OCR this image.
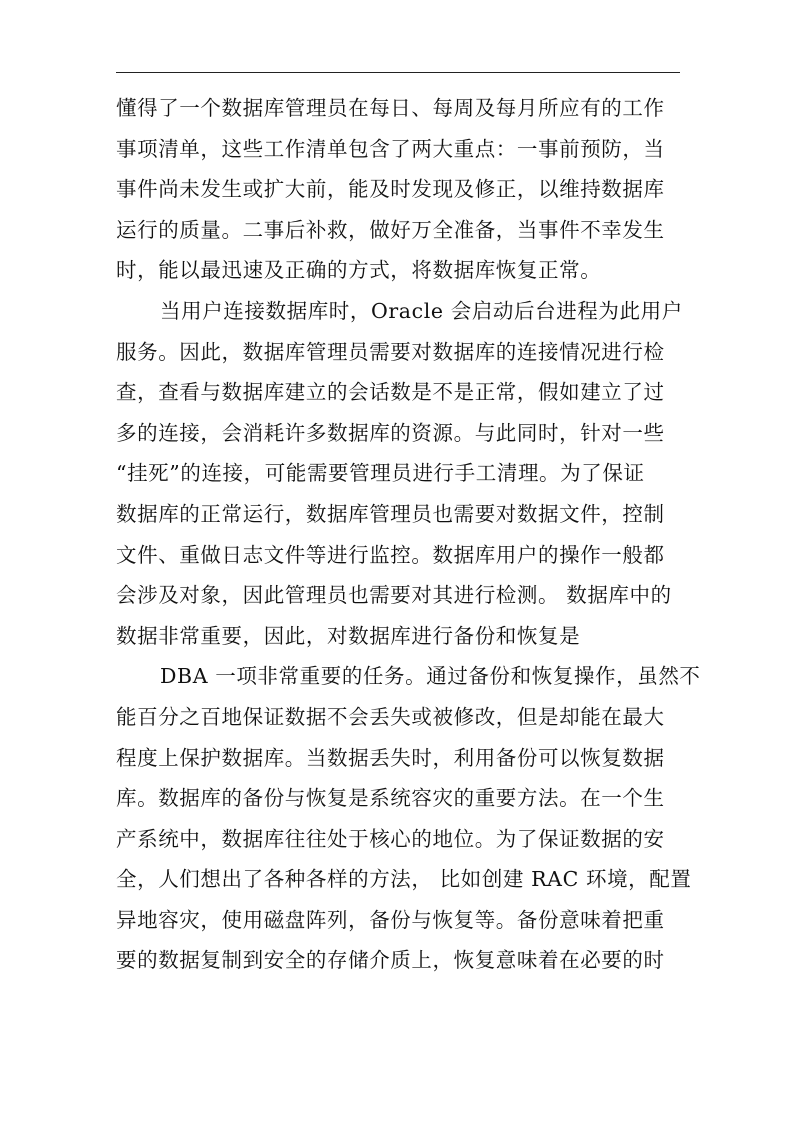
懂得了一个数据库管理员在每日、每周及每月所应有的工作
事项清单，这些工作清单包含了两大重点：一事前预防，当
事件尚未发生或扩大前，能及时发现及修正，以维持数据库
运行的质量。二事后补救，做好万全准备，当事件不幸发生
时，能以最迅速及正确的方式，将数据库恢复正常。
当用户连接数据库时，Oracle 会启动后台进程为此用户
服务。因此，数据库管理员需要对数据库的连接情况进行检
查，查看与数据库建立的会话数是不是正常，假如建立了过
多的连接，会消耗许多数据库的资源。与此同时，针对一些
“挂死”的连接，可能需要管理员进行手工清理。为了保证
数据库的正常运行，数据库管理员也需要对数据文件，控制
文件、重做日志文件等进行监控。数据库用户的操作一般都
会涉及对象，因此管理员也需要对其进行检测。 数据库中的
数据非常重要，因此，对数据库进行备份和恢复是
DBA 一项非常重要的任务。通过备份和恢复操作，虽然不
能百分之百地保证数据不会丢失或被修改，但是却能在最大
程度上保护数据库。当数据丢失时，利用备份可以恢复数据
库。数据库的备份与恢复是系统容灾的重要方法。在一个生
产系统中，数据库往往处于核心的地位。为了保证数据的安
全，人们想出了各种各样的方法， 比如创建 RAC 环境，配置
异地容灾，使用磁盘阵列，备份与恢复等。备份意味着把重
要的数据复制到安全的存储介质上，恢复意味着在必要的时
